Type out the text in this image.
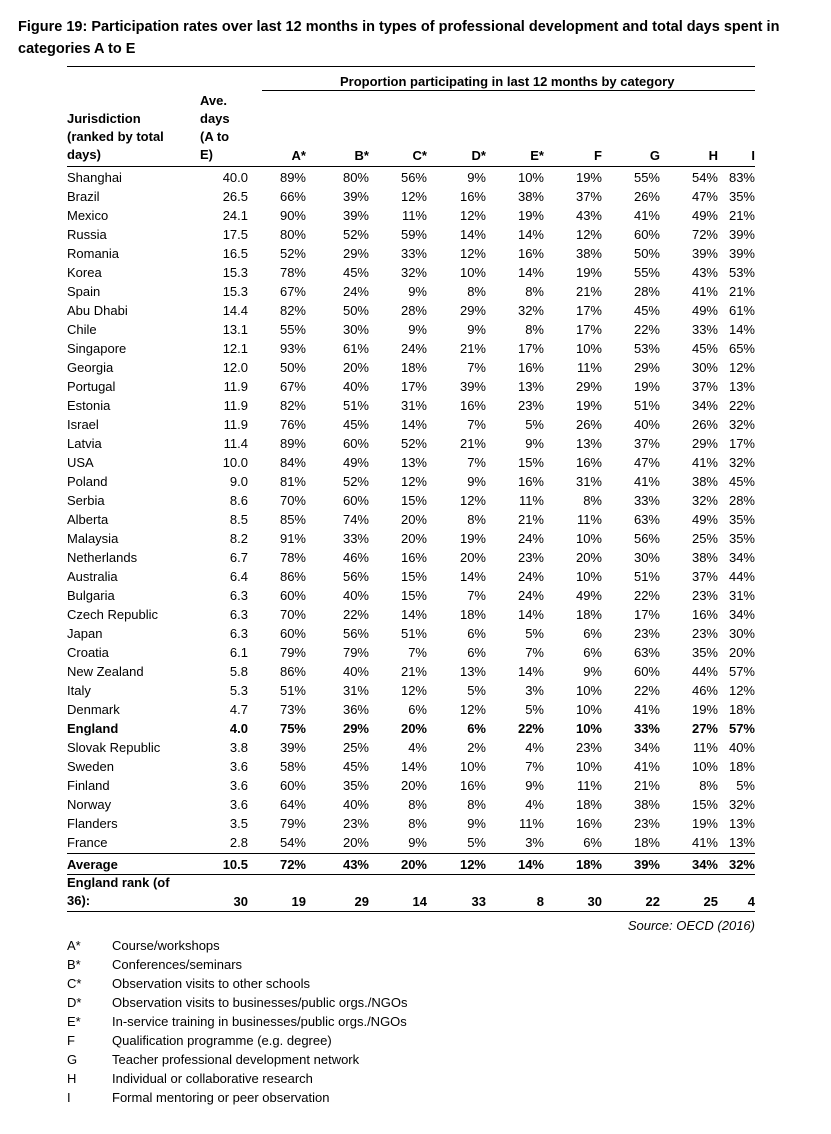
Figure 19: Participation rates over last 12 months in types of professional development and total days spent in categories A to E
Proportion participating in last 12 months by category
Jurisdiction
(ranked by total
days)
Ave.
days
(A to
E)	A*	B*	C*	D*	E*	F	G	H	I
Shanghai	40.0	89%	80%	56%	9%	10%	19%	55%	54% 83%
Brazil	26.5	66%	39%	12%	16%	38%	37%	26%	47% 35%
Mexico	24.1	90%	39%	11%	12%	19%	43%	41%	49% 21%
Russia	17.5	80%	52%	59%	14%	14%	12%	60%	72% 39%
Romania	16.5	52%	29%	33%	12%	16%	38%	50%	39% 39%
Korea	15.3	78%	45%	32%	10%	14%	19%	55%	43% 53%
Spain	15.3	67%	24%	9%	8%	8%	21%	28%	41% 21%
Abu Dhabi	14.4	82%	50%	28%	29%	32%	17%	45%	49% 61%
Chile	13.1	55%	30%	9%	9%	8%	17%	22%	33% 14%
Singapore	12.1	93%	61%	24%	21%	17%	10%	53%	45% 65%
Georgia	12.0	50%	20%	18%	7%	16%	11%	29%	30% 12%
Portugal	11.9	67%	40%	17%	39%	13%	29%	19%	37% 13%
Estonia	11.9	82%	51%	31%	16%	23%	19%	51%	34% 22%
Israel	11.9	76%	45%	14%	7%	5%	26%	40%	26% 32%
Latvia	11.4	89%	60%	52%	21%	9%	13%	37%	29% 17%
USA	10.0	84%	49%	13%	7%	15%	16%	47%	41% 32%
Poland	9.0	81%	52%	12%	9%	16%	31%	41%	38% 45%
Serbia	8.6	70%	60%	15%	12%	11%	8%	33%	32% 28%
Alberta	8.5	85%	74%	20%	8%	21%	11%	63%	49% 35%
Malaysia	8.2	91%	33%	20%	19%	24%	10%	56%	25% 35%
Netherlands	6.7	78%	46%	16%	20%	23%	20%	30%	38% 34%
Australia	6.4	86%	56%	15%	14%	24%	10%	51%	37% 44%
Bulgaria	6.3	60%	40%	15%	7%	24%	49%	22%	23% 31%
Czech Republic	6.3	70%	22%	14%	18%	14%	18%	17%	16% 34%
Japan	6.3	60%	56%	51%	6%	5%	6%	23%	23% 30%
Croatia	6.1	79%	79%	7%	6%	7%	6%	63%	35% 20%
New Zealand	5.8	86%	40%	21%	13%	14%	9%	60%	44% 57%
Italy	5.3	51%	31%	12%	5%	3%	10%	22%	46% 12%
Denmark	4.7	73%	36%	6%	12%	5%	10%	41%	19% 18%
England	4.0	75%	29%	20%	6%	22%	10%	33%	27% 57%
Slovak Republic	3.8	39%	25%	4%	2%	4%	23%	34%	11% 40%
Sweden	3.6	58%	45%	14%	10%	7%	10%	41%	10% 18%
Finland	3.6	60%	35%	20%	16%	9%	11%	21%	8%	5%
Norway	3.6	64%	40%	8%	8%	4%	18%	38%	15% 32%
Flanders	3.5	79%	23%	8%	9%	11%	16%	23%	19% 13%
France	2.8	54%	20%	9%	5%	3%	6%	18%	41% 13%
Average	10.5	72%	43%	20%	12%	14%	18%	39%	34% 32%
England rank (of
36):	30	19	29	14	33	8	30	22	25	4
Source: OECD (2016)
A* Course/workshops
B* Conferences/seminars
C* Observation visits to other schools
D* Observation visits to businesses/public orgs./NGOs
E* In-service training in businesses/public orgs./NGOs
F	Qualification programme (e.g. degree)
G	Teacher professional development network
H	Individual or collaborative research
I	Formal mentoring or peer observation
